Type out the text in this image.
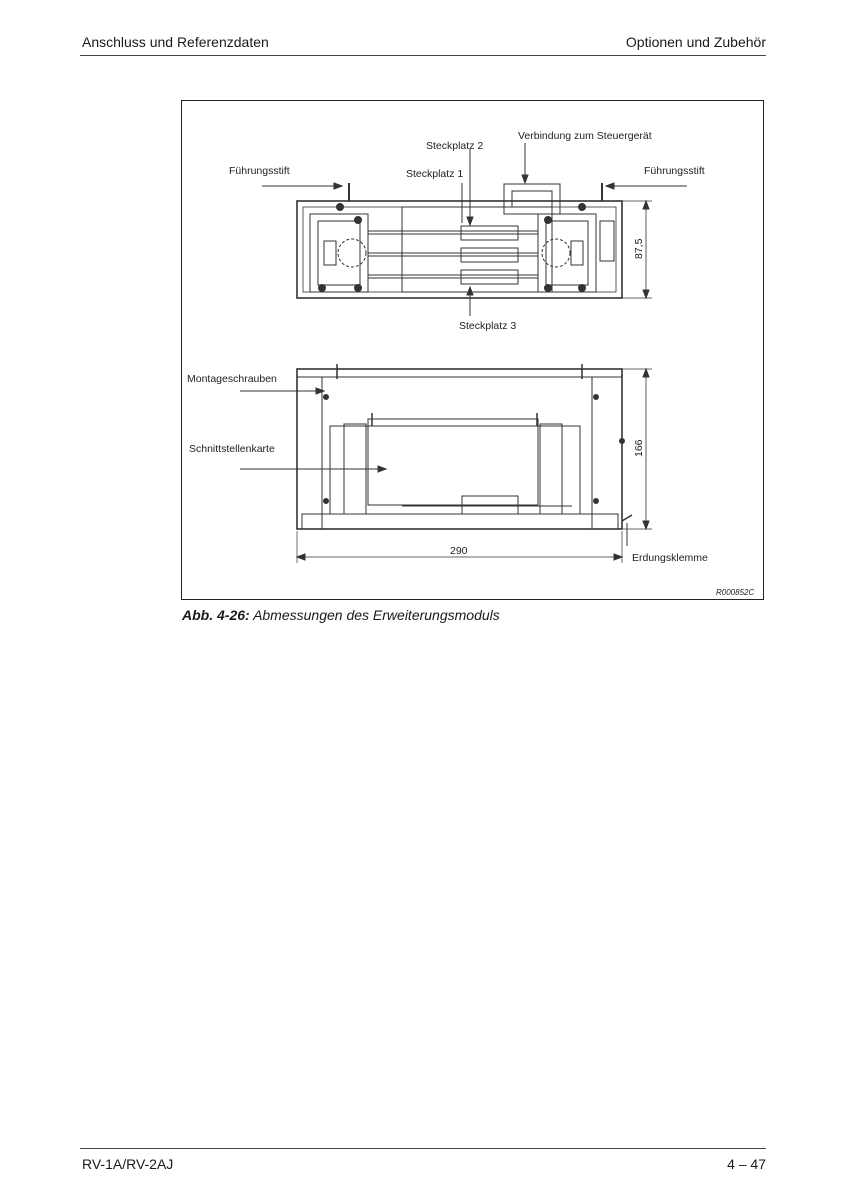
Anschluss und Referenzdaten	Optionen und Zubehör
Führungsstift	Führungsstift
Steckplatz 2
Steckplatz 1
Verbindung zum Steuergerät
Steckplatz 3
87,5
Montageschrauben
Schnittstellenkarte	166
290
Erdungsklemme
R000852C
Abb. 4-26: Abmessungen des Erweiterungsmoduls
RV-1A/RV-2AJ	4 – 47
